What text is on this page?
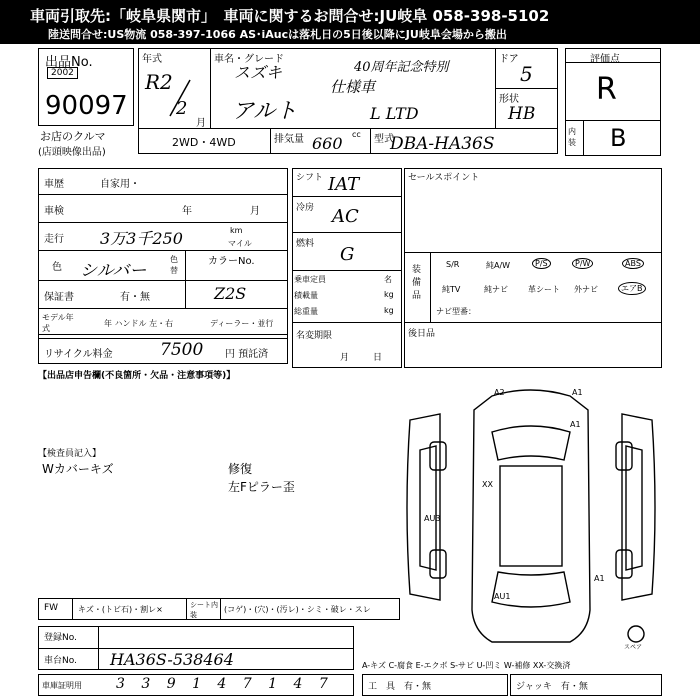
車両引取先:「岐阜県関市」　車両に関するお問合せ:JU岐阜 058-398-5102
陸送問合せ:US物流 058-397-1066 AS･iAucは落札日の5日後以降にJU岐阜会場から搬出
出品No.
2002
90097
お店のクルマ
(店頭映像出品)
年式
R2
2
月
車名・グレード
スズキ	40周年記念特別
仕様車
アルト	L LTD
ドア
5
形状
HB
2WD・4WD	排気量 660 cc 型式
DBA-HA36S
評価点
R
内装 B
車歴	自家用・
車検	年	月
走行 3万3千250	km
マイル
色 シルバー
色替
カラーNo.
Z2S
保証書	有・無
モデル年式
年 ハンドル 左・右	ディーラー・並行
リサイクル料金	7500 円 預託済
シフト IAT
冷房 AC
燃料 G
乗車定員	名
積載量	kg
総重量	kg
名変期限
月日
セールスポイント
装備品
S/R	純A/W	P/S	P/W	ABS
純TV	純ナビ	革シート 外ナビ	エアB
ナビ型番：
後日品
【出品店申告欄(不良箇所・欠品・注意事項等)】
【検査員記入】
Wカバーキズ	修復
左Fピラー歪
A2	A1
A1
XX
AU3
A1
AU1
スペア
FW キズ・(トビ石)・割レ×	シート内装
(コゲ)・(穴)・(汚レ)・シミ・破レ・スレ
登録No.
車台No. HA36S-538464
車庫証明用 3 3 9 1 4 7 1 4 7
A-キズ C-腐食 E-エクボ S-サビ U-凹ミ W-補修 XX-交換済
工　具　有・無	ジャッキ　有・無
